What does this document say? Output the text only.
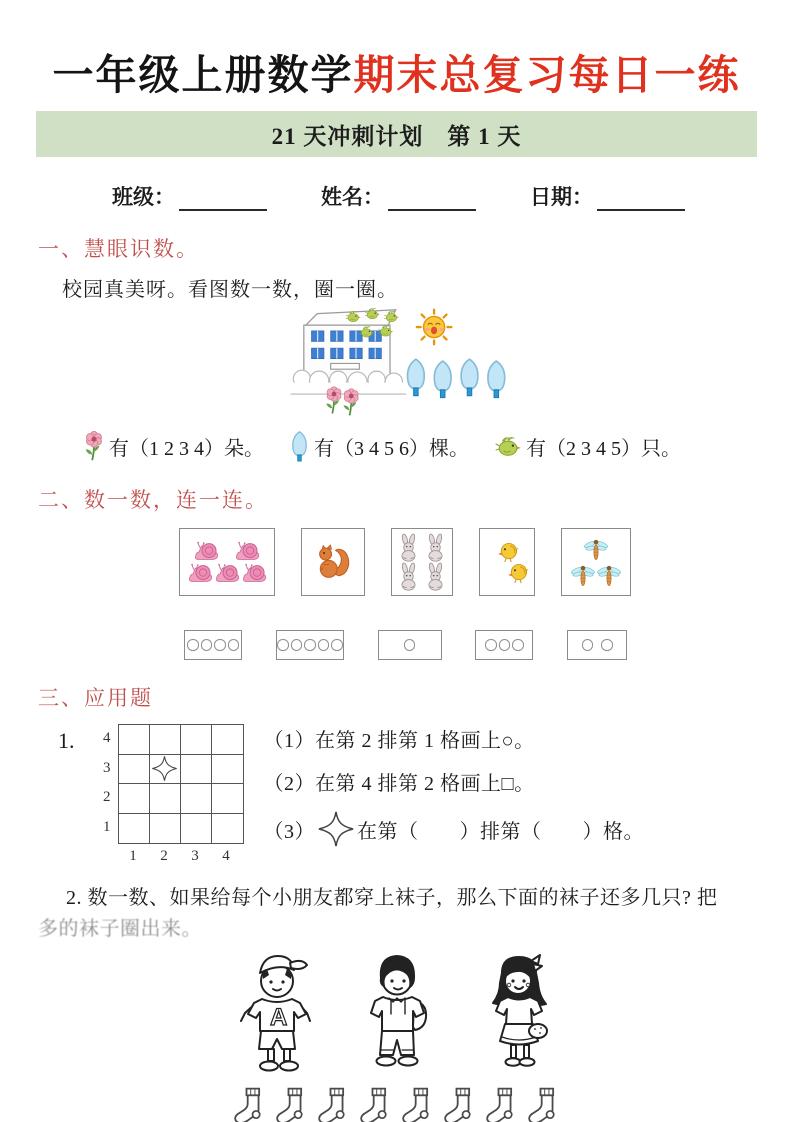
一年级上册数学期末总复习每日一练
21 天冲刺计划　第 1 天
班级：	姓名：	日期：
一、慧眼识数。
校园真美呀。看图数一数，圈一圈。
有（1 2 3 4）朵。	有（3 4 5 6）棵。	有（2 3 4 5）只。
二、数一数，连一连。
三、应用题
1.	4
3
2
1
1 2 3 4
（1）在第 2 排第 1 格画上○。
（2）在第 4 排第 2 格画上□。
（3） 在第（　　）排第（　　）格。
2. 数一数、如果给每个小朋友都穿上袜子，那么下面的袜子还多几只? 把
多的袜子圈出来。
A
